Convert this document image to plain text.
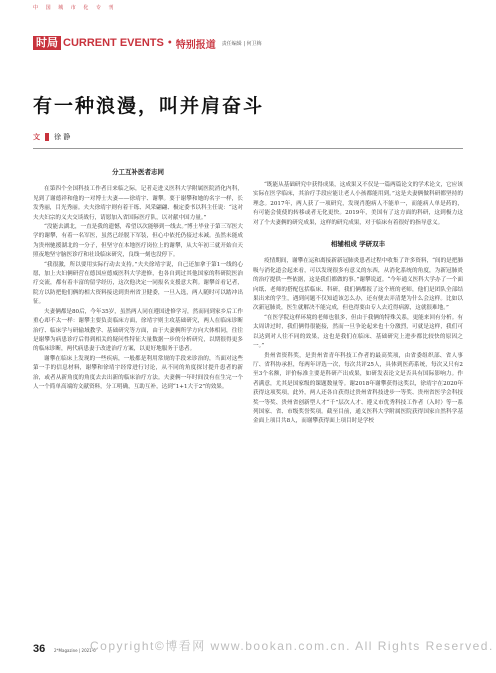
中 国 城 市 化 专 刊
时局 CURRENT EVENTS • 特别报道 责任编辑 | 何卫梅
有一种浪漫，叫并肩奋斗
文 徐 静
分工互补医者志同

在第四个全国科技工作者日来临之际，记者走进义医科大学附属医院消化内科，见到了谢德祥和他的一对博士夫妻——徐靖宇、谢攀。要于谢攀和她的名字一样，长发秀丽，目光秀丽。夫夫徐靖宇则有着干练、风采翩翩、极定委书以科主任说：“这对夫夫妇宗的义夫交谈战行，请愿加入省国际医疗队，以对献中国力量。”

“没能去湖北，一直是我的遗憾，希望以次能够到一线去。”博士毕业于第三军医大学的谢攀，有着一名军医，虽然已经脱下军装，但心中依托仍接过未减。虽然未能成为贵州驰援湖北的一分子，但坚守在本地医疗岗位上的谢攀，从大年初三就开始自天照夜地坚守脑医诊疗和社设临床研究，良线一刻也没停下。

“我很激，所以要用实际行动去支持。”夫夫徐靖宇说，自己还加拿于第1一线的心愿，加上夫妇俩研营在德国应德威医科大学进修，也各自到过其他国家的科研院医治疗交流，都有着丰富的留学经历，这次他决定一同报名支援意大利。谢攀首看记者，院方以防把他们俩的相大资料接送到贵州省卫健委，一旦入选，两人随时可以踏冲出征。

夫妻俩都是80后，今年35岁，虽然两人同在遵国进修学习，然而同到家乡后工作重心却不太一样：谢攀主要负责临床方面，徐靖宇则主攻基础研究，两人在临床诊断治疗、临床学与研输域教学、基础研究等方面，由于夫妻俩所学方向大体相同，往往是谢攀为病患诊疗后得到相关的疑问性特征大量数据一步的分析研究，以期很得更多的临床诊断，两代病患妻于改进治疗方案，以更好地服务于患者。

谢攀在临床上发现的一些疾病，一般都是利用常规的手段来诊治的，当面对这些第一手的信息材料，谢攀和徐靖宇经常进行讨论，从不同的角度探讨提升患者的新治，或者从新角度的角度去去出新的临床治疗方法。夫妻俩一年时间没有在生完一个人一个简单高端的文献资料，分工明确，互助互补，达到“1+1大于2”的效果。

“既能从基础研究中获得成果，这成果又不仅是一篇两篇论文的学术论文，它应该实际在医学临床，其治疗手段应能让老人小孩都能用到。”这是夫妻俩做科研都坚持的理念。2017年，两人获了一项研究，发现肖胞病人不能单一，而能病人单是药的，有可能会使使的转移或者无化更快。2019年，美国有了这方面的科研，这到极力这对了个夫妻俩的研究成果，这样的研究成果，对于临床有着很好的指导意义。

相辅相成 学研双丰

疫情期间，谢攀在运和离接新新冠肺炎患者过程中收集了许多资料，“间的是把肺吸与消化道会起来看，可以发现很多有意义的东西，从消化系统的角度，为新冠肺炎的治疗提供一些依据，这是我们都做的事。”谢攀说道。“今年通义医科大学办了一个面向纸、老师的搭配包括临床、科研，我们俩都报了这个班的老师，他们是团队全部结果出来的学生，遇到问题不仅知道该怎么办，还有便去弄清楚为什么会这样。比如以次新冠肺炎，医生就解决不能完成，但也得要由专人去近得病源，这就很难地。”

“在医学院这样环境的老师也很多，但由于我俩的特殊关系，更能来回有分析。有太周讲过时，我们俩得很能接，然而一旦争论起来也十分激烈，可就是这样，我们可以达到对人往不同的效果，这也是我们在临床、基础研究上进步都比较快的原因之一。”

贵州省资科奖，是贵州省青年科技工作者的最高奖项，由省委组织部、省人事厅、省科协承担，每两年评选一次，每次共评25人，具体到医药系统，每次又只有2至3个名额，评价标准主要是科研产出成果，如研发表论文是否具有国际影响力。作者满意，尤其是国家级的课题数量等。谢2018年谢攀获得这奖以，徐靖宇在2020年获得这项奖项，此外，两人还各自获得过贵州省科技进步一等奖、贵州省医学会科技奖一等奖、贵州省创新型人才“千”层次人才、遵义市优秀科技工作者（入时）等一系列国家、省、市级奖誉奖项。截至目前，通义医科大学附属医院获得国家自然科学基金面上项目共8人，而谢攀获得面上项目时是学校

36 2*Magazine | 2021-6
Copyright©博看网 www.bookan.com.cn. All Rights Reserved.
